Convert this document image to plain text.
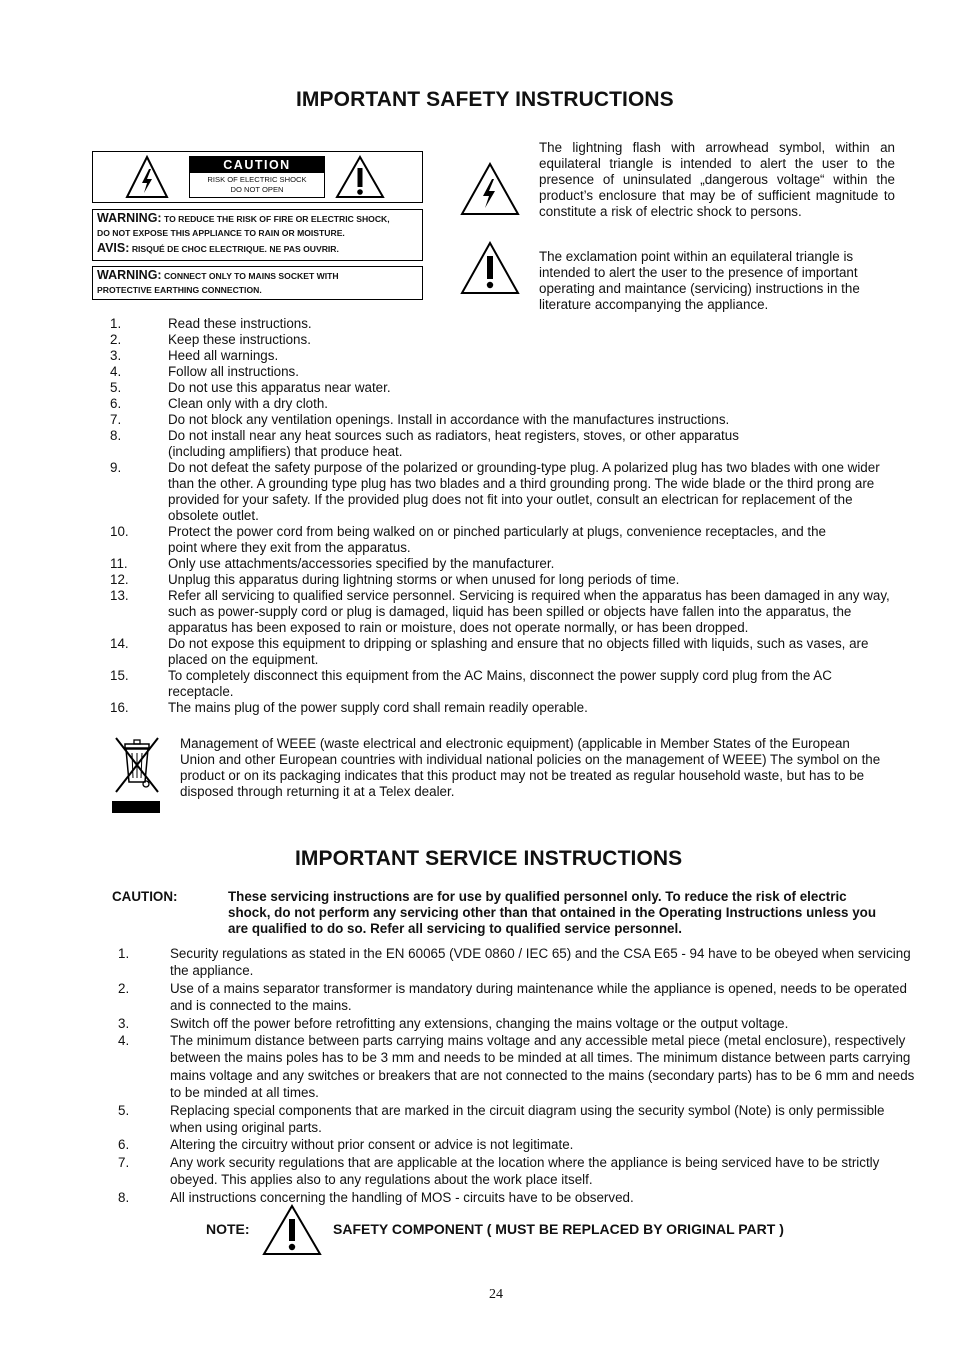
IMPORTANT SAFETY INSTRUCTIONS
CAUTION
RISK OF ELECTRIC SHOCK
DO NOT OPEN
WARNING: TO REDUCE THE RISK OF FIRE OR ELECTRIC SHOCK,
DO NOT EXPOSE THIS APPLIANCE TO RAIN OR MOISTURE.
AVIS: RISQUÉ DE CHOC ELECTRIQUE. NE PAS OUVRIR.
WARNING: CONNECT ONLY TO MAINS SOCKET WITH
PROTECTIVE EARTHING CONNECTION.
The lightning flash with arrowhead symbol, within an equilateral triangle is intended to alert the user to the presence of uninsulated „dangerous voltage“ within the product’s enclosure that may be of sufficient magnitude to constitute a risk of electric shock to persons.
The exclamation point within an equilateral triangle is intended to alert the user to the presence of important operating and maintance (servicing) instructions in the literature accompanying the appliance.
1.	Read these instructions.
2.	Keep these instructions.
3.	Heed all warnings.
4.	Follow all instructions.
5.	Do not use this apparatus near water.
6.	Clean only with a dry cloth.
7.	Do not block any ventilation openings. Install in accordance with the manufactures instructions.
8.	Do not install near any heat sources such as radiators, heat registers, stoves, or other apparatus (including amplifiers) that produce heat.
9.	Do not defeat the safety purpose of the polarized or grounding-type plug. A polarized plug has two blades with one wider than the other. A grounding type plug has two blades and a third grounding prong. The wide blade or the third prong are provided for your safety. If the provided plug does not fit into your outlet, consult an electrican for replacement of the obsolete outlet.
10.	Protect the power cord from being walked on or pinched particularly at plugs, convenience receptacles, and the point where they exit from the apparatus.
11.	Only use attachments/accessories specified by the manufacturer.
12.	Unplug this apparatus during lightning storms or when unused for long periods of time.
13.	Refer all servicing to qualified service personnel. Servicing is required when the apparatus has been damaged in any way, such as power-supply cord or plug is damaged, liquid has been spilled or objects have fallen into the apparatus, the apparatus has been exposed to rain or moisture, does not operate normally, or has been dropped.
14.	Do not expose this equipment to dripping or splashing and ensure that no objects filled with liquids, such as vases, are placed on the equipment.
15.	To completely disconnect this equipment from the AC Mains, disconnect the power supply cord plug from the AC receptacle.
16.	The mains plug of the power supply cord shall remain readily operable.
Management of WEEE (waste electrical and electronic equipment) (applicable in Member States of the European Union and other European countries with individual national policies on the management of WEEE) The symbol on the product or on its packaging indicates that this product may not be treated as regular household waste, but has to be disposed through returning it at a Telex dealer.
IMPORTANT SERVICE INSTRUCTIONS
CAUTION:	These servicing instructions are for use by qualified personnel only. To reduce the risk of electric shock, do not perform any servicing other than that ontained in the Operating Instructions unless you are qualified to do so. Refer all servicing to qualified service personnel.
1.	Security regulations as stated in the EN 60065 (VDE 0860 / IEC 65) and the CSA E65 - 94 have to be obeyed when servicing the appliance.
2.	Use of a mains separator transformer is mandatory during maintenance while the appliance is opened, needs to be operated and is connected to the mains.
3.	Switch off the power before retrofitting any extensions, changing the mains voltage or the output voltage.
4.	The minimum distance between parts carrying mains voltage and any accessible metal piece (metal enclosure), respectively between the mains poles has to be 3 mm and needs to be minded at all times. The minimum distance between parts carrying mains voltage and any switches or breakers that are not connected to the mains (secondary parts) has to be 6 mm and needs to be minded at all times.
5.	Replacing special components that are marked in the circuit diagram using the security symbol (Note) is only permissible when using original parts.
6.	Altering the circuitry without prior consent or advice is not legitimate.
7.	Any work security regulations that are applicable at the location where the appliance is being serviced have to be strictly obeyed. This applies also to any regulations about the work place itself.
8.	All instructions concerning the handling of MOS - circuits have to be observed.
NOTE:	SAFETY COMPONENT ( MUST BE REPLACED BY ORIGINAL PART )
24
